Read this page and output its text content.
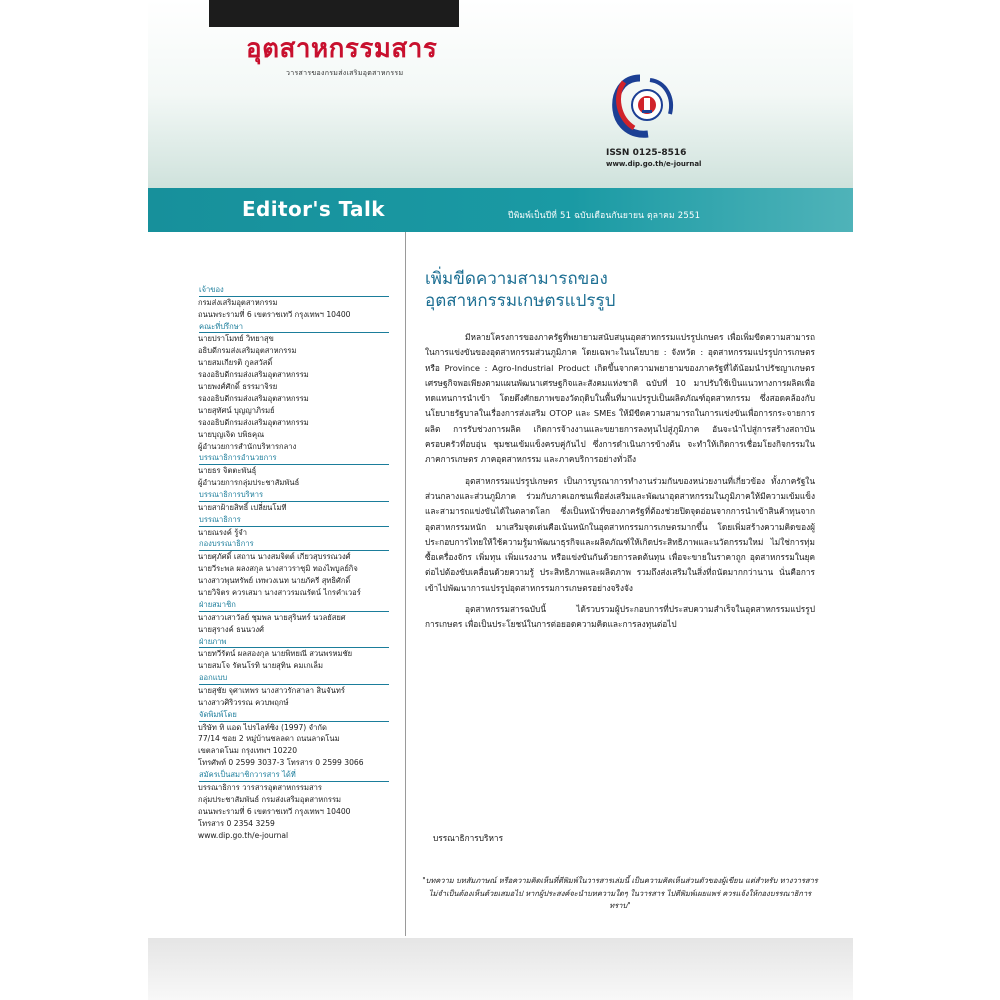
อุตสาหกรรมสาร
วารสารของกรมส่งเสริมอุตสาหกรรม
ISSN 0125-8516
www.dip.go.th/e-journal
Editor's Talk	ปีพิมพ์เป็นปีที่ 51 ฉบับเดือนกันยายน ตุลาคม 2551
เจ้าของ
กรมส่งเสริมอุตสาหกรรม
ถนนพระรามที่ 6 เขตราชเทวี กรุงเทพฯ 10400
คณะที่ปรึกษา
นายปราโมทย์ วิทยาสุข
อธิบดีกรมส่งเสริมอุตสาหกรรม
นายสมเกียรติ กูลสวัสดิ์
รองอธิบดีกรมส่งเสริมอุตสาหกรรม
นายพงศ์ศักดิ์ ธรรมาจิรย
รองอธิบดีกรมส่งเสริมอุตสาหกรรม
นายสุทัศน์ บุญญาภิรมย์
รองอธิบดีกรมส่งเสริมอุตสาหกรรม
นายบุญเจิด บพิธคุณ
ผู้อำนวยการสำนักบริหารกลาง
บรรณาธิการอำนวยการ
นายธร จิตตะพันธุ์
ผู้อำนวยการกลุ่มประชาสัมพันธ์
บรรณาธิการบริหาร
นายสาฝ้ายสิทธิ์ เปลี่ยนโมที
บรรณาธิการ
นายณรงค์ รู้จำ
กองบรรณาธิการ
นายศุภัศดิ์ เสถาน นางสมจิตต์ เกียวสุบรรณวงศ์
นายวีระพล ผลงสกุล นางสาวราชุมิ ทองไพบูลย์กิจ
นางสาวพุนทรัพย์ เทพวงเนท นายภัครี สุทธิศักดิ์
นายวิจิตร ควรเสมา นางสาวรมณรัตน์ ไกรคำเวอร์
ฝ่ายสมาชิก
นางสาวเสาวัลย์ ชุมพล นายสุรินทร์ นวลยัสยศ
นายสุรางค์ ธนนวงศ์
ฝ่ายภาพ
นายทวีรัตน์ ผลสองกุล นายพิทยณี สวนพรหมชัย
นายสมโจ รัตนโรทิ นายสุทิน คมเกเล็ม
ออกแบบ
นายสุชัย จุศาเทพร นางสาวรักสาลา สินจันทร์
นางสาวศิริวรรณ ควบพฤกษ์
จัดพิมพ์โดย
บริษัท ทิ แอด ไปรไลท์ซิง (1997) จำกัด
77/14 ซอย 2 หมู่บ้านชลลดา ถนนลาดโนม
เขตลาดโนม กรุงเทพฯ 10220
โทรศัพท์ 0 2599 3037-3 โทรสาร 0 2599 3066
สมัครเป็นสมาชิกวารสาร ได้ที่
บรรณาธิการ วารสารอุตสาหกรรมสาร
กลุ่มประชาสัมพันธ์ กรมส่งเสริมอุตสาหกรรม
ถนนพระรามที่ 6 เขตราชเทวี กรุงเทพฯ 10400
โทรสาร 0 2354 3259
www.dip.go.th/e-journal
เพิ่มขีดความสามารถของ
อุตสาหกรรมเกษตรแปรรูป

มีหลายโครงการของภาครัฐที่พยายามสนับสนุนอุตสาหกรรมแปรรูปเกษตร เพื่อเพิ่มขีดความสามารถในการแข่งขันของอุตสาหกรรมส่วนภูมิภาค โดยเฉพาะในนโยบาย : จังหวัด : อุตสาหกรรมแปรรูปการเกษตร หรือ Province : Agro-Industrial Product เกิดขึ้นจากความพยายามของภาครัฐที่ได้น้อมนำปรัชญาเกษตรเศรษฐกิจพอเพียงตามแผนพัฒนาเศรษฐกิจและสังคมแห่งชาติ ฉบับที่ 10 มาปรับใช้เป็นแนวทางการผลิตเพื่อทดแทนการนำเข้า โดยดึงศักยภาพของวัตถุดิบในพื้นที่มาแปรรูปเป็นผลิตภัณฑ์อุตสาหกรรม ซึ่งสอดคล้องกับนโยบายรัฐบาลในเรื่องการส่งเสริม OTOP และ SMEs ให้มีขีดความสามารถในการแข่งขันเพื่อการกระจายการผลิต การรับช่วงการผลิต เกิดการจ้างงานและขยายการลงทุนไปสู่ภูมิภาค อันจะนำไปสู่การสร้างสถาบันครอบครัวที่อบอุ่น ชุมชนเข้มแข็งครบคู่กันไป ซึ่งการดำเนินการข้างต้น จะทำให้เกิดการเชื่อมโยงกิจกรรมในภาคการเกษตร ภาคอุตสาหกรรม และภาคบริการอย่างทั่วถึง

อุตสาหกรรมแปรรูปเกษตร เป็นการบูรณาการทำงานร่วมกันของหน่วยงานที่เกี่ยวข้อง ทั้งภาครัฐในส่วนกลางและส่วนภูมิภาค ร่วมกับภาคเอกชนเพื่อส่งเสริมและพัฒนาอุตสาหกรรมในภูมิภาคให้มีความเข้มแข็งและสามารถแข่งขันได้ในตลาดโลก ซึ่งเป็นหน้าที่ของภาครัฐที่ต้องช่วยปิดจุดอ่อนจากการนำเข้าสินค้าทุนจากอุตสาหกรรมหนัก มาเสริมจุดเด่นคือเน้นหนักในอุตสาหกรรมการเกษตรมากขึ้น โดยเพิ่มสร้างความคิดของผู้ประกอบการไทยให้ใช้ความรู้มาพัฒนาธุรกิจและผลิตภัณฑ์ให้เกิดประสิทธิภาพและนวัตกรรมใหม่ ไม่ใช่การทุ่มซื้อเครื่องจักร เพิ่มทุน เพิ่มแรงงาน หรือแข่งขันกันด้วยการลดต้นทุน เพื่อจะขายในราคาถูก อุตสาหกรรมในยุคต่อไปต้องขับเคลื่อนด้วยความรู้ ประสิทธิภาพและผลิตภาพ รวมถึงส่งเสริมในสิ่งที่ถนัดมากกว่านาน นั่นคือการเข้าไปพัฒนาการแปรรูปอุตสาหกรรมการเกษตรอย่างจริงจัง

อุตสาหกรรมสารฉบับนี้ ได้รวบรวมผู้ประกอบการที่ประสบความสำเร็จในอุตสาหกรรมแปรรูปการเกษตร เพื่อเป็นประโยชน์ในการต่อยอดความคิดและการลงทุนต่อไป

บรรณาธิการบริหาร
"บทความ บทสัมภาษณ์ หรือความคิดเห็นที่ตีพิมพ์ในวารสารเล่มนี้ เป็นความคิดเห็นส่วนตัวของผู้เขียน แต่สำหรับ ทางวารสาร ไม่จำเป็นต้องเห็นด้วยเสมอไป หากผู้ประสงค์จะนำบทความใดๆ ในวารสาร ไปตีพิมพ์เผยแพร่ ควรแจ้งให้กองบรรณาธิการทราบ"
